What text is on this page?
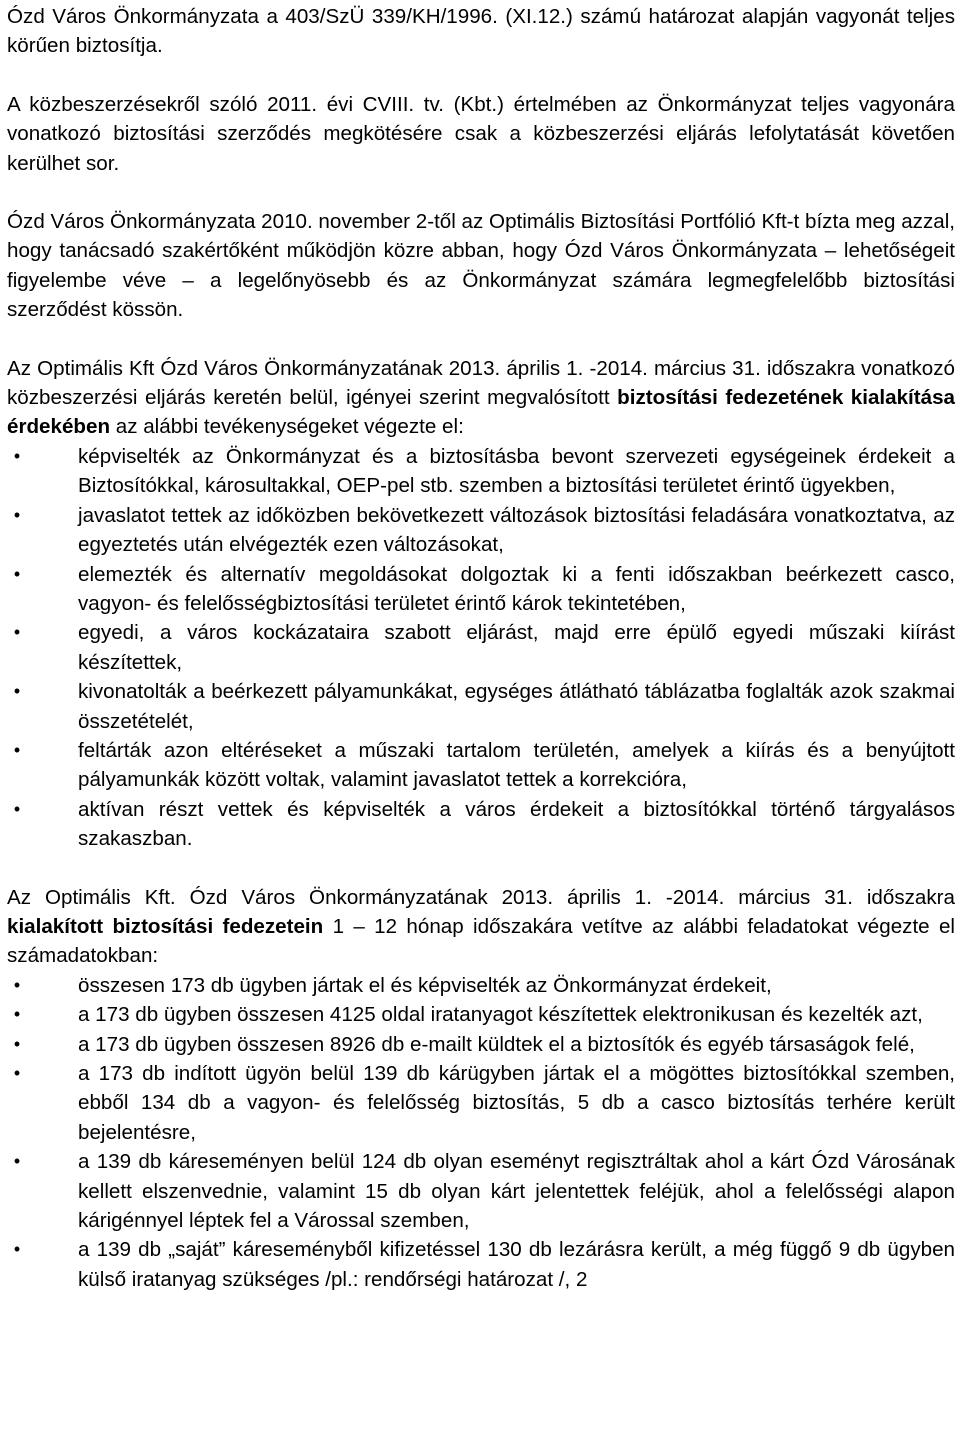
Ózd Város Önkormányzata a 403/SzÜ 339/KH/1996. (XI.12.) számú határozat alapján vagyonát teljes körűen biztosítja.

A közbeszerzésekről szóló 2011. évi CVIII. tv. (Kbt.) értelmében az Önkormányzat teljes vagyonára vonatkozó biztosítási szerződés megkötésére csak a közbeszerzési eljárás lefolytatását követően kerülhet sor.

Ózd Város Önkormányzata 2010. november 2-től az Optimális Biztosítási Portfólió Kft-t bízta meg azzal, hogy tanácsadó szakértőként működjön közre abban, hogy Ózd Város Önkormányzata – lehetőségeit figyelembe véve – a legelőnyösebb és az Önkormányzat számára legmegfelelőbb biztosítási szerződést kössön.

Az Optimális Kft Ózd Város Önkormányzatának 2013. április 1. -2014. március 31. időszakra vonatkozó közbeszerzési eljárás keretén belül, igényei szerint megvalósított biztosítási fedezetének kialakítása érdekében az alábbi tevékenységeket végezte el:

•	képviselték az Önkormányzat és a biztosításba bevont szervezeti egységeinek érdekeit a Biztosítókkal, károsultakkal, OEP-pel stb. szemben a biztosítási területet érintő ügyekben,
•	javaslatot tettek az időközben bekövetkezett változások biztosítási feladására vonatkoztatva, az egyeztetés után elvégezték ezen változásokat,
•	elemezték és alternatív megoldásokat dolgoztak ki a fenti időszakban beérkezett casco, vagyon- és felelősségbiztosítási területet érintő károk tekintetében,
•	egyedi, a város kockázataira szabott eljárást, majd erre épülő egyedi műszaki kiírást készítettek,
•	kivonatolták a beérkezett pályamunkákat, egységes átlátható táblázatba foglalták azok szakmai összetételét,
•	feltárták azon eltéréseket a műszaki tartalom területén, amelyek a kiírás és a benyújtott pályamunkák között voltak, valamint javaslatot tettek a korrekcióra,
•	aktívan részt vettek és képviselték a város érdekeit a biztosítókkal történő tárgyalásos szakaszban.

Az Optimális Kft. Ózd Város Önkormányzatának 2013. április 1. -2014. március 31. időszakra kialakított biztosítási fedezetein 1 – 12 hónap időszakára vetítve az alábbi feladatokat végezte el számadatokban:

•	összesen 173 db ügyben jártak el és képviselték az Önkormányzat érdekeit,
•	a 173 db ügyben összesen 4125 oldal iratanyagot készítettek elektronikusan és kezelték azt,
•	a 173 db ügyben összesen 8926 db e-mailt küldtek el a biztosítók és egyéb társaságok felé,
•	a 173 db indított ügyön belül 139 db kárügyben jártak el a mögöttes biztosítókkal szemben, ebből 134 db a vagyon- és felelősség biztosítás, 5 db a casco biztosítás terhére került bejelentésre,
•	a 139 db káreseményen belül 124 db olyan eseményt regisztráltak ahol a kárt Ózd Városának kellett elszenvednie, valamint 15 db olyan kárt jelentettek feléjük, ahol a felelősségi alapon kárigénnyel léptek fel a Várossal szemben,
•	a 139 db „saját” káreseményből kifizetéssel 130 db lezárásra került, a még függő 9 db ügyben külső iratanyag szükséges /pl.: rendőrségi határozat /, 2
